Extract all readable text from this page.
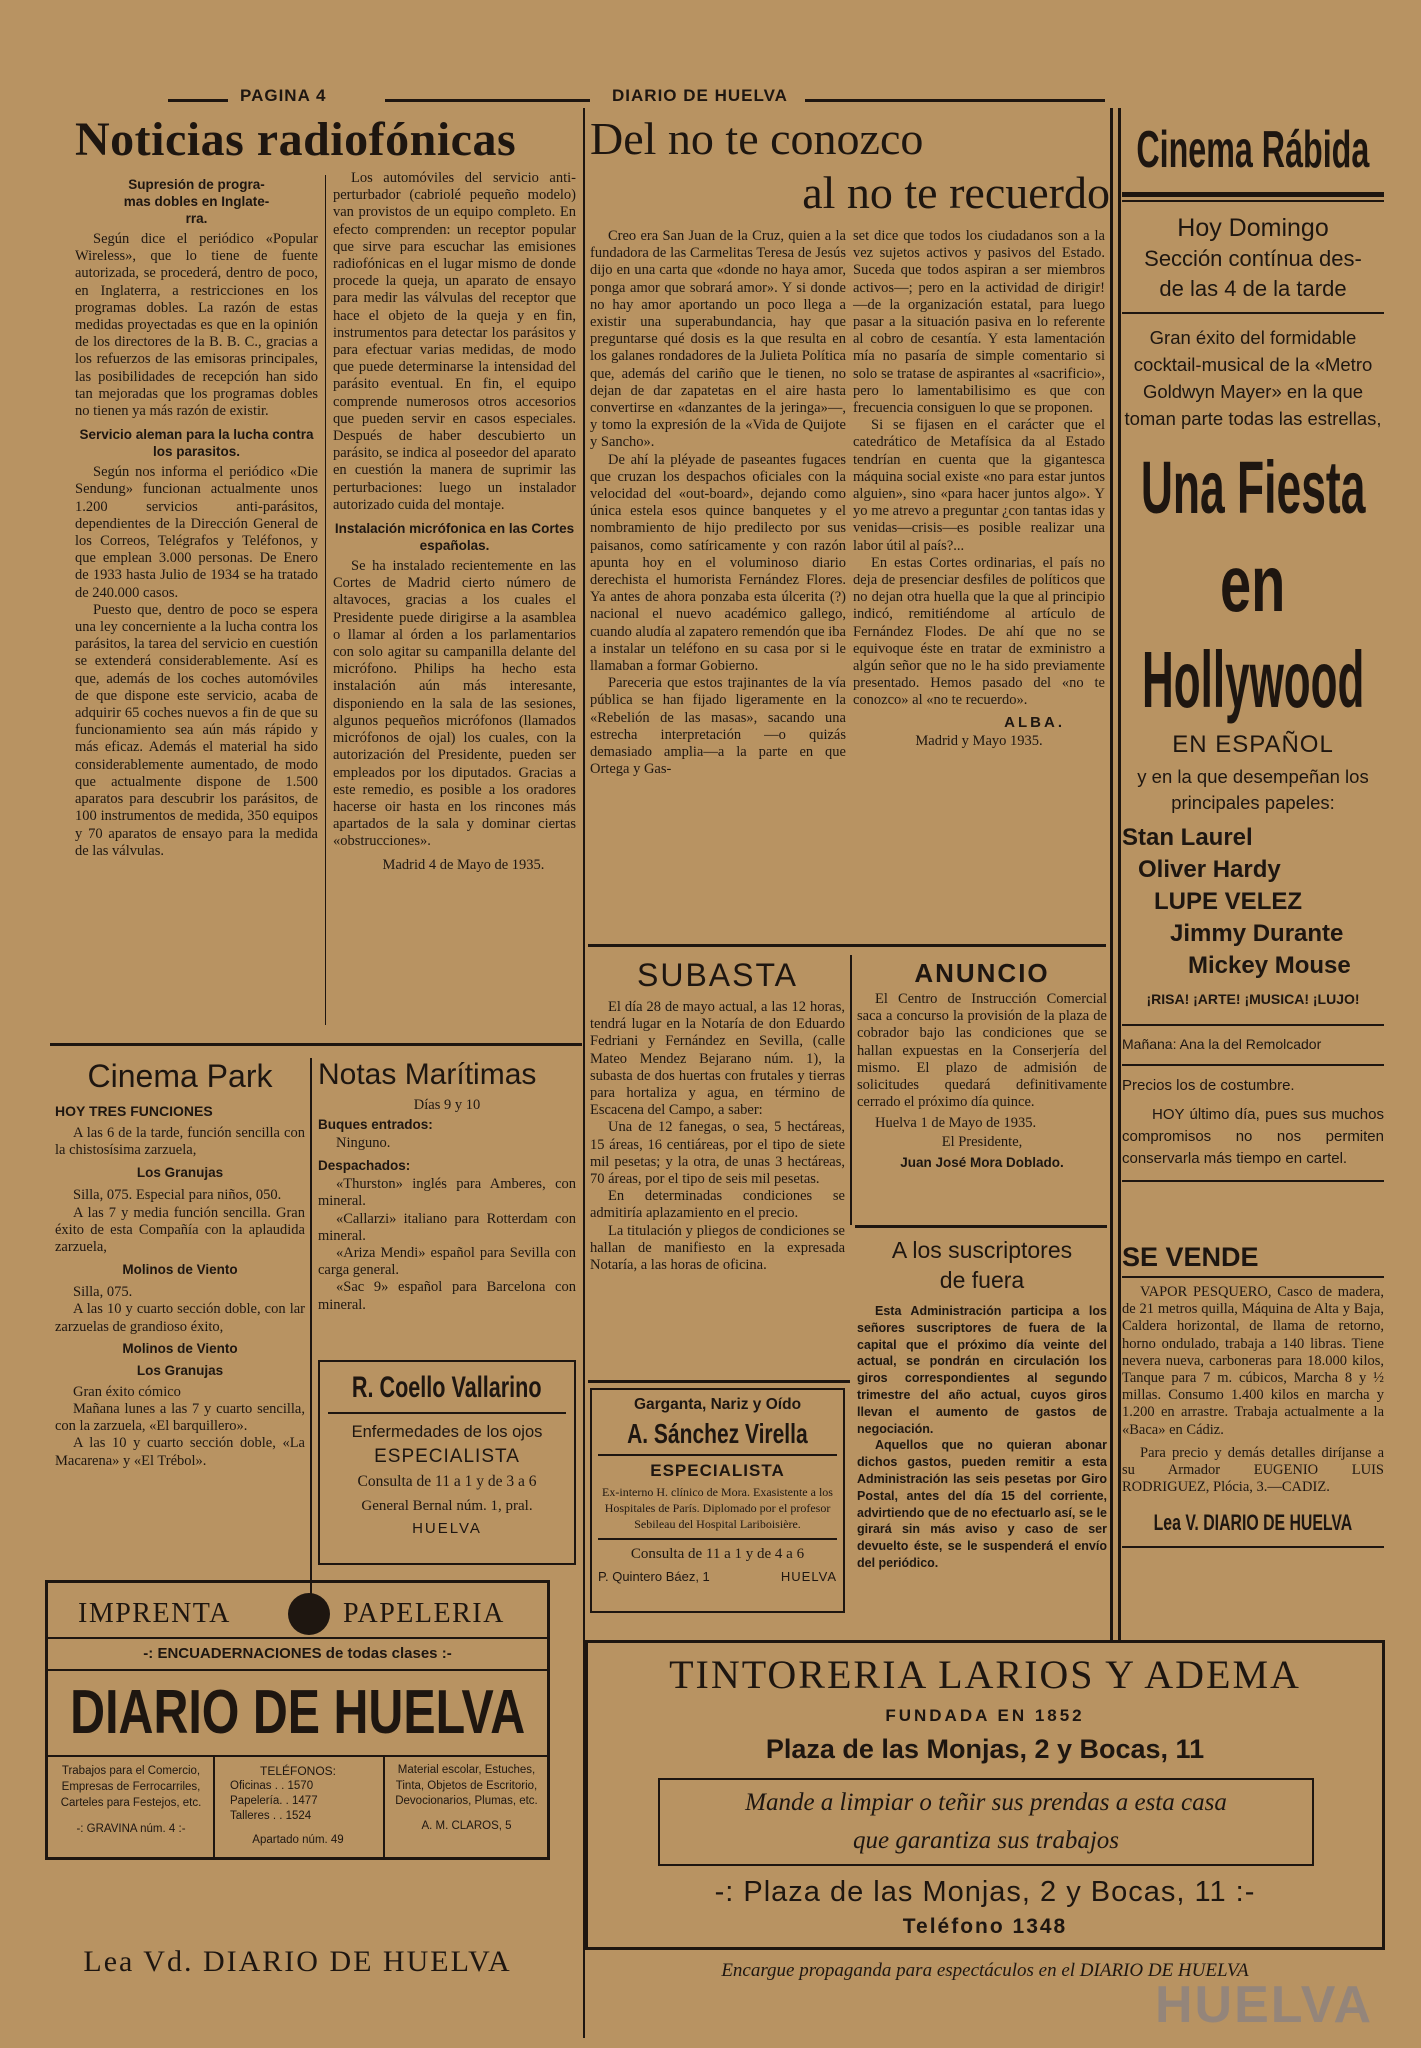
PAGINA 4	DIARIO DE HUELVA
Noticias radiofónicas
Supresión de progra-
mas dobles en Inglate-
rra.

Según dice el periódico «Popular Wireless», que lo tiene de fuente autorizada, se procederá, dentro de poco, en Inglaterra, a restricciones en los programas dobles. La razón de estas medidas proyectadas es que en la opinión de los directores de la B. B. C., gracias a los refuerzos de las emisoras principales, las posibilidades de recepción han sido tan mejoradas que los programas dobles no tienen ya más razón de existir.

Servicio aleman para la lucha contra los parasitos.

Según nos informa el periódico «Die Sendung» funcionan actualmente unos 1.200 servicios anti-parásitos, dependientes de la Dirección General de los Correos, Telégrafos y Teléfonos, y que emplean 3.000 personas. De Enero de 1933 hasta Julio de 1934 se ha tratado de 240.000 casos.

Puesto que, dentro de poco se espera una ley concerniente a la lucha contra los parásitos, la tarea del servicio en cuestión se extenderá considerablemente. Así es que, además de los coches automóviles de que dispone este servicio, acaba de adquirir 65 coches nuevos a fin de que su funcionamiento sea aún más rápido y más eficaz. Además el material ha sido considerablemente aumentado, de modo que actualmente dispone de 1.500 aparatos para descubrir los parásitos, de 100 instrumentos de medida, 350 equipos y 70 aparatos de ensayo para la medida de las válvulas.

Los automóviles del servicio anti-perturbador (cabriolé pequeño modelo) van provistos de un equipo completo. En efecto comprenden: un receptor popular que sirve para escuchar las emisiones radiofónicas en el lugar mismo de donde procede la queja, un aparato de ensayo para medir las válvulas del receptor que hace el objeto de la queja y en fin, instrumentos para detectar los parásitos y para efectuar varias medidas, de modo que puede determinarse la intensidad del parásito eventual. En fin, el equipo comprende numerosos otros accesorios que pueden servir en casos especiales. Después de haber descubierto un parásito, se indica al poseedor del aparato en cuestión la manera de suprimir las perturbaciones: luego un instalador autorizado cuida del montaje.

Instalación micrófonica en las Cortes españolas.

Se ha instalado recientemente en las Cortes de Madrid cierto número de altavoces, gracias a los cuales el Presidente puede dirigirse a la asamblea o llamar al órden a los parlamentarios con solo agitar su campanilla delante del micrófono. Philips ha hecho esta instalación aún más interesante, disponiendo en la sala de las sesiones, algunos pequeños micrófonos (llamados micrófonos de ojal) los cuales, con la autorización del Presidente, pueden ser empleados por los diputados. Gracias a este remedio, es posible a los oradores hacerse oir hasta en los rincones más apartados de la sala y dominar ciertas «obstrucciones».

Madrid 4 de Mayo de 1935.

Del no te conozco
al no te recuerdo

Creo era San Juan de la Cruz, quien a la fundadora de las Carmelitas Teresa de Jesús dijo en una carta que «donde no haya amor, ponga amor que sobrará amor». Y si donde no hay amor aportando un poco llega a existir una superabundancia, hay que preguntarse qué dosis es la que resulta en los galanes rondadores de la Julieta Política que, además del cariño que le tienen, no dejan de dar zapatetas en el aire hasta convertirse en «danzantes de la jeringa»—, y tomo la expresión de la «Vida de Quijote y Sancho».

De ahí la pléyade de paseantes fugaces que cruzan los despachos oficiales con la velocidad del «out-board», dejando como única estela esos quince banquetes y el nombramiento de hijo predilecto por sus paisanos, como satíricamente y con razón apunta hoy en el voluminoso diario derechista el humorista Fernández Flores. Ya antes de ahora ponzaba esta úlcerita (?) nacional el nuevo académico gallego, cuando aludía al zapatero remendón que iba a instalar un teléfono en su casa por si le llamaban a formar Gobierno.

Pareceria que estos trajinantes de la vía pública se han fijado ligeramente en la «Rebelión de las masas», sacando una estrecha interpretación —o quizás demasiado amplia—a la parte en que Ortega y Gas-

set dice que todos los ciudadanos son a la vez sujetos activos y pasivos del Estado. Suceda que todos aspiran a ser miembros activos—; pero en la actividad de dirigir!—de la organización estatal, para luego pasar a la situación pasiva en lo referente al cobro de cesantía. Y esta lamentación mía no pasaría de simple comentario si solo se tratase de aspirantes al «sacrificio», pero lo lamentabilisimo es que con frecuencia consiguen lo que se proponen.

Si se fijasen en el carácter que el catedrático de Metafísica da al Estado tendrían en cuenta que la gigantesca máquina social existe «no para estar juntos alguien», sino «para hacer juntos algo». Y yo me atrevo a preguntar ¿con tantas idas y venidas—crisis—es posible realizar una labor útil al país?...

En estas Cortes ordinarias, el país no deja de presenciar desfiles de políticos que no dejan otra huella que la que al principio indicó, remitiéndome al artículo de Fernández Flodes. De ahí que no se equivoque éste en tratar de exministro a algún señor que no le ha sido previamente presentado. Hemos pasado del «no te conozco» al «no te recuerdo».

ALBA.
Madrid y Mayo 1935.
Cinema Rábida
Hoy Domingo
Sección contínua des-
de las 4 de la tarde

Gran éxito del formidable cocktail-musical de la «Metro Goldwyn Mayer» en la que toman parte todas las estrellas,

Una Fiesta
en
Hollywood
EN ESPAÑOL

y en la que desempeñan los principales papeles:

Stan Laurel
Oliver Hardy
LUPE VELEZ
Jimmy Durante
Mickey Mouse
¡RISA! ¡ARTE! ¡MUSICA! ¡LUJO!
Mañana: Ana la del Remolcador
Precios los de costumbre.

HOY último día, pues sus muchos compromisos no nos permiten conservarla más tiempo en cartel.

SE VENDE

VAPOR PESQUERO, Casco de madera, de 21 metros quilla, Máquina de Alta y Baja, Caldera horizontal, de llama de retorno, horno ondulado, trabaja a 140 libras. Tiene nevera nueva, carboneras para 18.000 kilos, Tanque para 7 m. cúbicos, Marcha 8 y ½ millas. Consumo 1.400 kilos en marcha y 1.200 en arrastre. Trabaja actualmente a la «Baca» en Cádiz.

Para precio y demás detalles diríjanse a su Armador EUGENIO LUIS RODRIGUEZ, Plócia, 3.—CADIZ.

Lea V. DIARIO DE HUELVA
Cinema Park
HOY TRES FUNCIONES

A las 6 de la tarde, función sencilla con la chistosísima zarzuela,

Los Granujas

Silla, 075. Especial para niños, 050.

A las 7 y media función sencilla. Gran éxito de esta Compañía con la aplaudida zarzuela,

Molinos de Viento

Silla, 075.

A las 10 y cuarto sección doble, con lar zarzuelas de grandioso éxito,

Molinos de Viento
Los Granujas

Gran éxito cómico

Mañana lunes a las 7 y cuarto sencilla, con la zarzuela, «El barquillero».

A las 10 y cuarto sección doble, «La Macarena» y «El Trébol».

Notas Marítimas
Días 9 y 10
Buques entrados:

Ninguno.

Despachados:

«Thurston» inglés para Amberes, con mineral.

«Callarzi» italiano para Rotterdam con mineral.

«Ariza Mendi» español para Sevilla con carga general.

«Sac 9» español para Barcelona con mineral.

R. Coello Vallarino
Enfermedades de los ojos
ESPECIALISTA
Consulta de 11 a 1 y de 3 a 6
General Bernal núm. 1, pral.
HUELVA
IMPRENTA	PAPELERIA
-: ENCUADERNACIONES de todas clases :-
DIARIO DE HUELVA
Trabajos para el Comercio, Empresas de Ferrocarriles, Carteles para Festejos, etc.
-: GRAVINA núm. 4 :-
TELÉFONOS:
Oficinas . . 1570
Papelería. . 1477
Talleres . . 1524
Apartado núm. 49
Material escolar, Estuches, Tinta, Objetos de Escritorio, Devocionarios, Plumas, etc.
A. M. CLAROS, 5
Lea Vd. DIARIO DE HUELVA
SUBASTA

El día 28 de mayo actual, a las 12 horas, tendrá lugar en la Notaría de don Eduardo Fedriani y Fernández en Sevilla, (calle Mateo Mendez Bejarano núm. 1), la subasta de dos huertas con frutales y tierras para hortaliza y agua, en término de Escacena del Campo, a saber:

Una de 12 fanegas, o sea, 5 hectáreas, 15 áreas, 16 centiáreas, por el tipo de siete mil pesetas; y la otra, de unas 3 hectáreas, 70 áreas, por el tipo de seis mil pesetas.

En determinadas condiciones se admitiría aplazamiento en el precio.

La titulación y pliegos de condiciones se hallan de manifiesto en la expresada Notaría, a las horas de oficina.

ANUNCIO

El Centro de Instrucción Comercial saca a concurso la provisión de la plaza de cobrador bajo las condiciones que se hallan expuestas en la Conserjería del mismo. El plazo de admisión de solicitudes quedará definitivamente cerrado el próximo día quince.

Huelva 1 de Mayo de 1935.

El Presidente,
Juan José Mora Doblado.
Garganta, Nariz y Oído
A. Sánchez Virella
ESPECIALISTA
Ex-interno H. clínico de Mora. Exasistente a los Hospitales de París. Diplomado por el profesor Sebileau del Hospital Lariboisière.
Consulta de 11 a 1 y de 4 a 6
P. Quintero Báez, 1	HUELVA
A los suscriptores
de fuera

Esta Administración participa a los señores suscriptores de fuera de la capital que el próximo día veinte del actual, se pondrán en circulación los giros correspondientes al segundo trimestre del año actual, cuyos giros llevan el aumento de gastos de negociación.

Aquellos que no quieran abonar dichos gastos, pueden remitir a esta Administración las seis pesetas por Giro Postal, antes del día 15 del corriente, advirtiendo que de no efectuarlo así, se le girará sin más aviso y caso de ser devuelto éste, se le suspenderá el envío del periódico.

TINTORERIA LARIOS Y ADEMA
FUNDADA EN 1852
Plaza de las Monjas, 2 y Bocas, 11
Mande a limpiar o teñir sus prendas a esta casa
que garantiza sus trabajos
-: Plaza de las Monjas, 2 y Bocas, 11 :-
Teléfono 1348
Encargue propaganda para espectáculos en el DIARIO DE HUELVA
HUELVA
